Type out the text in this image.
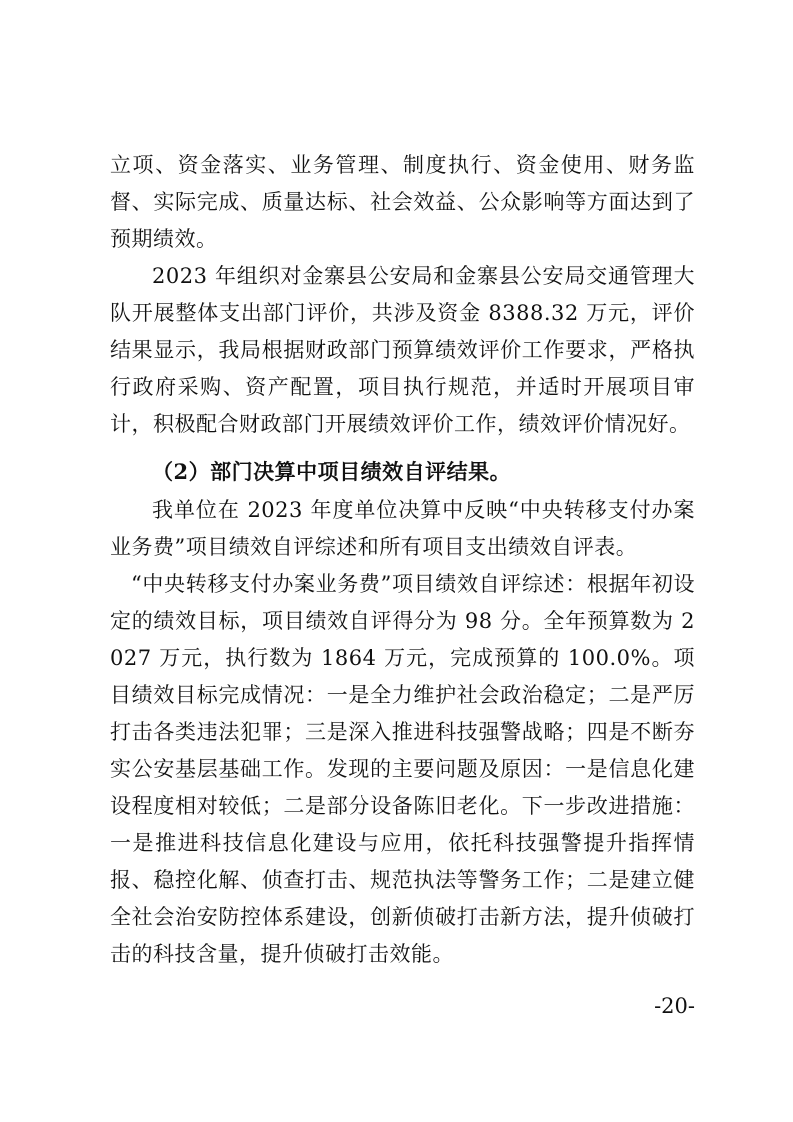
立项、资金落实、业务管理、制度执行、资金使用、财务监督、实际完成、质量达标、社会效益、公众影响等方面达到了预期绩效。

2023 年组织对金寨县公安局和金寨县公安局交通管理大队开展整体支出部门评价，共涉及资金 8388.32 万元，评价结果显示，我局根据财政部门预算绩效评价工作要求，严格执行政府采购、资产配置，项目执行规范，并适时开展项目审计，积极配合财政部门开展绩效评价工作，绩效评价情况好。

（2）部门决算中项目绩效自评结果。

我单位在 2023 年度单位决算中反映“中央转移支付办案业务费”项目绩效自评综述和所有项目支出绩效自评表。

“中央转移支付办案业务费”项目绩效自评综述：根据年初设定的绩效目标，项目绩效自评得分为 98 分。全年预算数为 2027 万元，执行数为 1864 万元，完成预算的 100.0%。项目绩效目标完成情况：一是全力维护社会政治稳定；二是严厉打击各类违法犯罪；三是深入推进科技强警战略；四是不断夯实公安基层基础工作。发现的主要问题及原因：一是信息化建设程度相对较低；二是部分设备陈旧老化。下一步改进措施：一是推进科技信息化建设与应用，依托科技强警提升指挥情报、稳控化解、侦查打击、规范执法等警务工作；二是建立健全社会治安防控体系建设，创新侦破打击新方法，提升侦破打击的科技含量，提升侦破打击效能。

-20-
